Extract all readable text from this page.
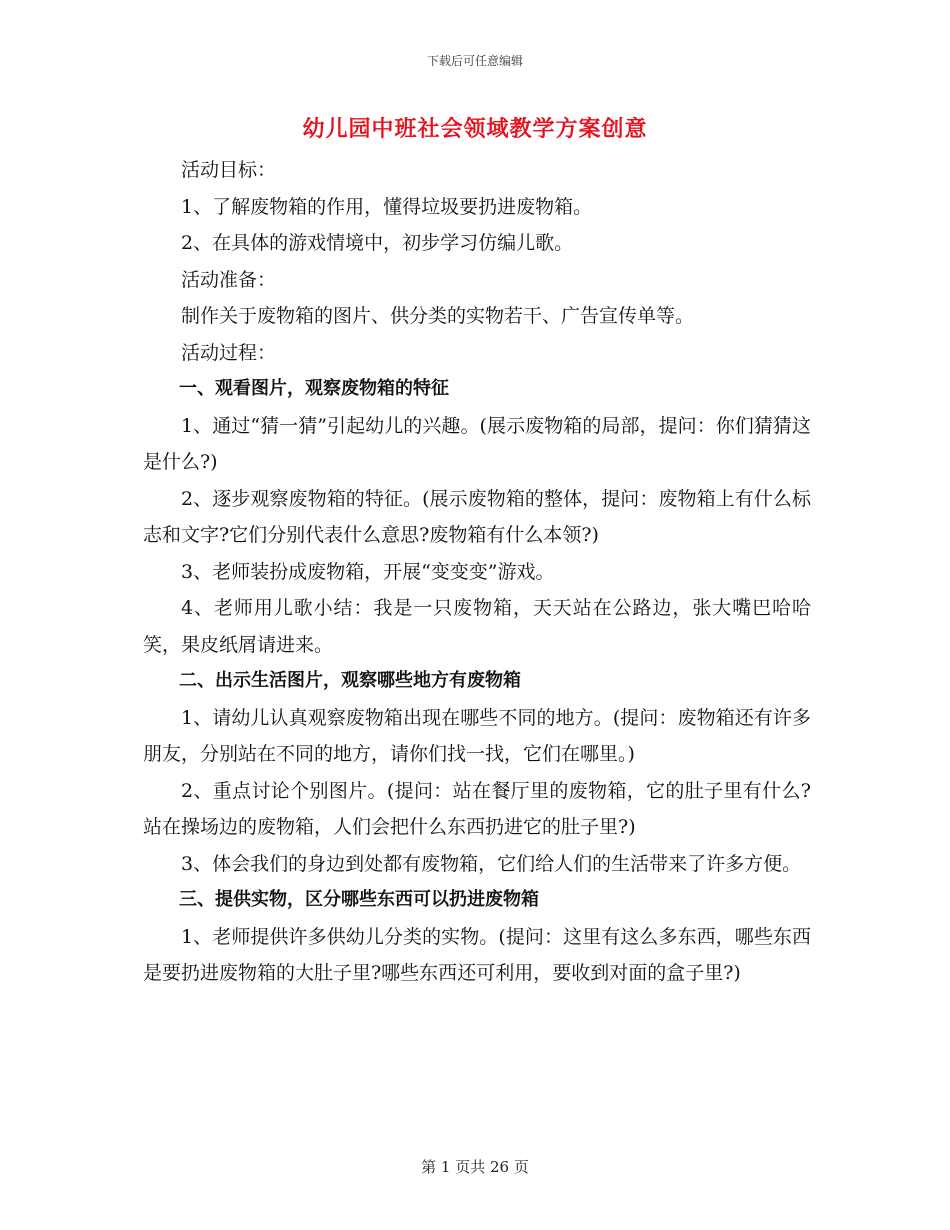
下载后可任意编辑
幼儿园中班社会领域教学方案创意

活动目标：

1、了解废物箱的作用，懂得垃圾要扔进废物箱。

2、在具体的游戏情境中，初步学习仿编儿歌。

活动准备：

制作关于废物箱的图片、供分类的实物若干、广告宣传单等。

活动过程：

一、观看图片，观察废物箱的特征

1、通过“猜一猜”引起幼儿的兴趣。(展示废物箱的局部，提问：你们猜猜这是什么?)

2、逐步观察废物箱的特征。(展示废物箱的整体，提问：废物箱上有什么标志和文字?它们分别代表什么意思?废物箱有什么本领?)

3、老师装扮成废物箱，开展“变变变”游戏。

4、老师用儿歌小结：我是一只废物箱，天天站在公路边，张大嘴巴哈哈笑，果皮纸屑请进来。

二、出示生活图片，观察哪些地方有废物箱

1、请幼儿认真观察废物箱出现在哪些不同的地方。(提问：废物箱还有许多朋友，分别站在不同的地方，请你们找一找，它们在哪里。)

2、重点讨论个别图片。(提问：站在餐厅里的废物箱，它的肚子里有什么?站在操场边的废物箱，人们会把什么东西扔进它的肚子里?)

3、体会我们的身边到处都有废物箱，它们给人们的生活带来了许多方便。

三、提供实物，区分哪些东西可以扔进废物箱

1、老师提供许多供幼儿分类的实物。(提问：这里有这么多东西，哪些东西是要扔进废物箱的大肚子里?哪些东西还可利用，要收到对面的盒子里?)

第 1 页共 26 页
